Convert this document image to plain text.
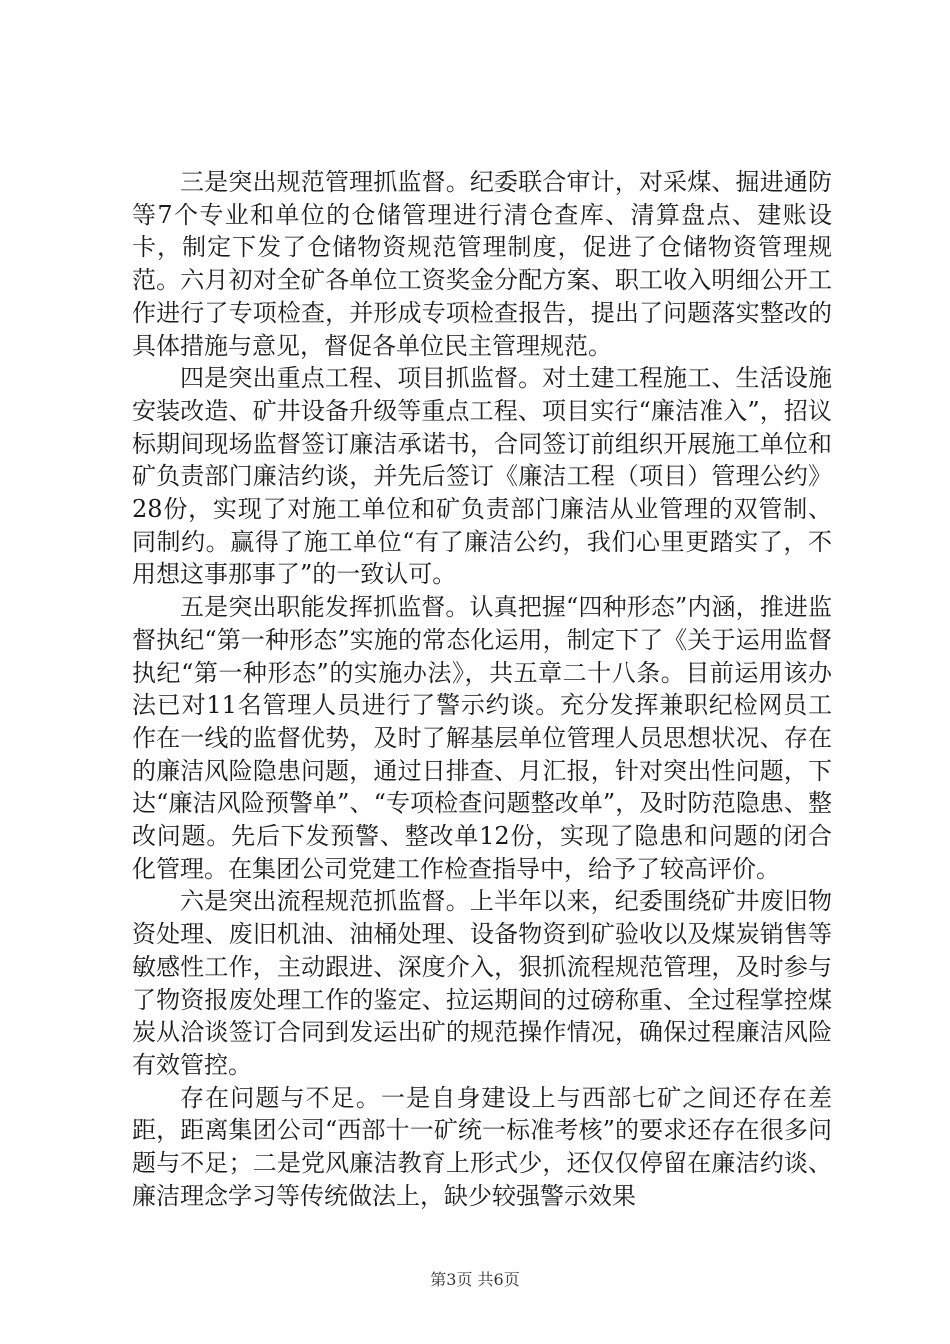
三是突出规范管理抓监督。纪委联合审计，对采煤、掘进通防等7个专业和单位的仓储管理进行清仓查库、清算盘点、建账设卡，制定下发了仓储物资规范管理制度，促进了仓储物资管理规范。六月初对全矿各单位工资奖金分配方案、职工收入明细公开工作进行了专项检查，并形成专项检查报告，提出了问题落实整改的具体措施与意见，督促各单位民主管理规范。

四是突出重点工程、项目抓监督。对土建工程施工、生活设施安装改造、矿井设备升级等重点工程、项目实行“廉洁准入”，招议标期间现场监督签订廉洁承诺书，合同签订前组织开展施工单位和矿负责部门廉洁约谈，并先后签订《廉洁工程（项目）管理公约》28份，实现了对施工单位和矿负责部门廉洁从业管理的双管制、同制约。赢得了施工单位“有了廉洁公约，我们心里更踏实了，不用想这事那事了”的一致认可。

五是突出职能发挥抓监督。认真把握“四种形态”内涵，推进监督执纪“第一种形态”实施的常态化运用，制定下了《关于运用监督执纪“第一种形态”的实施办法》，共五章二十八条。目前运用该办法已对11名管理人员进行了警示约谈。充分发挥兼职纪检网员工作在一线的监督优势，及时了解基层单位管理人员思想状况、存在的廉洁风险隐患问题，通过日排查、月汇报，针对突出性问题，下达“廉洁风险预警单”、“专项检查问题整改单”，及时防范隐患、整改问题。先后下发预警、整改单12份，实现了隐患和问题的闭合化管理。在集团公司党建工作检查指导中，给予了较高评价。

六是突出流程规范抓监督。上半年以来，纪委围绕矿井废旧物资处理、废旧机油、油桶处理、设备物资到矿验收以及煤炭销售等敏感性工作，主动跟进、深度介入，狠抓流程规范管理，及时参与了物资报废处理工作的鉴定、拉运期间的过磅称重、全过程掌控煤炭从洽谈签订合同到发运出矿的规范操作情况，确保过程廉洁风险有效管控。

存在问题与不足。一是自身建设上与西部七矿之间还存在差距，距离集团公司“西部十一矿统一标准考核”的要求还存在很多问题与不足；二是党风廉洁教育上形式少，还仅仅停留在廉洁约谈、廉洁理念学习等传统做法上，缺少较强警示效果

第3页 共6页
